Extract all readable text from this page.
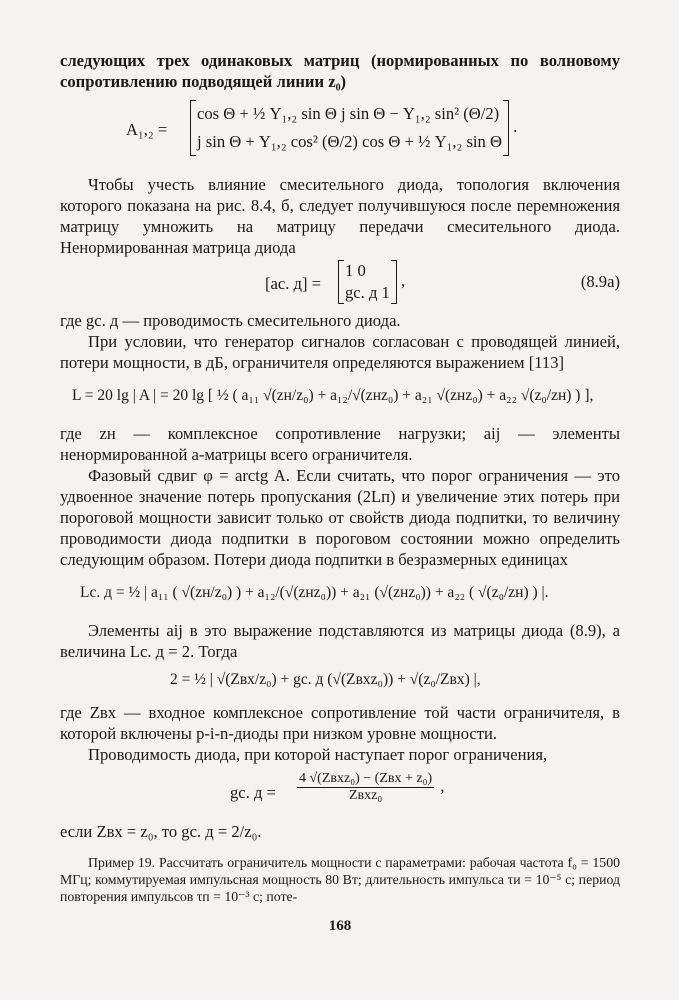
следующих трех одинаковых матриц (нормированных по волновому сопротивлению подводящей линии z₀)

A₁,₂ =
cos Θ + ½ Y₁,₂ sin Θ j sin Θ − Y₁,₂ sin² (Θ/2)
j sin Θ + Y₁,₂ cos² (Θ/2) cos Θ + ½ Y₁,₂ sin Θ
.

Чтобы учесть влияние смесительного диода, топология включения которого показана на рис. 8.4, б, следует получившуюся после перемножения матрицу умножить на матрицу передачи смесительного диода. Ненормированная матрица диода

[aс. д] =
1 0
gс. д 1
,	(8.9а)

где gс. д — проводимость смесительного диода.

При условии, что генератор сигналов согласован с проводящей линией, потери мощности, в дБ, ограничителя определяются выражением [113]

L = 20 lg | A | = 20 lg [ ½ ( a₁₁ √(zн/z₀) + a₁₂/√(zнz₀) + a₂₁ √(zнz₀) + a₂₂ √(z₀/zн) ) ],

где zн — комплексное сопротивление нагрузки; aij — элементы ненормированной a-матрицы всего ограничителя.

Фазовый сдвиг φ = arctg A. Если считать, что порог ограничения — это удвоенное значение потерь пропускания (2Lп) и увеличение этих потерь при пороговой мощности зависит только от свойств диода подпитки, то величину проводимости диода подпитки в пороговом состоянии можно определить следующим образом. Потери диода подпитки в безразмерных единицах

Lс. д = ½ | a₁₁ ( √(zн/z₀) ) + a₁₂/(√(zнz₀)) + a₂₁ (√(zнz₀)) + a₂₂ ( √(z₀/zн) ) |.

Элементы aij в это выражение подставляются из матрицы диода (8.9), а величина Lс. д = 2. Тогда

2 = ½ | √(Zвх/z₀) + gс. д (√(Zвхz₀)) + √(z₀/Zвх) |,

где Zвх — входное комплексное сопротивление той части ограничителя, в которой включены p-i-n-диоды при низком уровне мощности.

Проводимость диода, при которой наступает порог ограничения,

gс. $д = \frac{\text{4 √(Zвхz₀) − (Zвх + z₀)}}{\text{Zвхz₀}}$ ,

если Zвх = z₀, то gс. д = 2/z₀.

Пример 19. Рассчитать ограничитель мощности с параметрами: рабочая частота f₀ = 1500 МГц; коммутируемая импульсная мощность 80 Вт; длительность импульса τи = 10⁻⁵ с; период повторения импульсов τп = 10⁻³ с; поте-

168
